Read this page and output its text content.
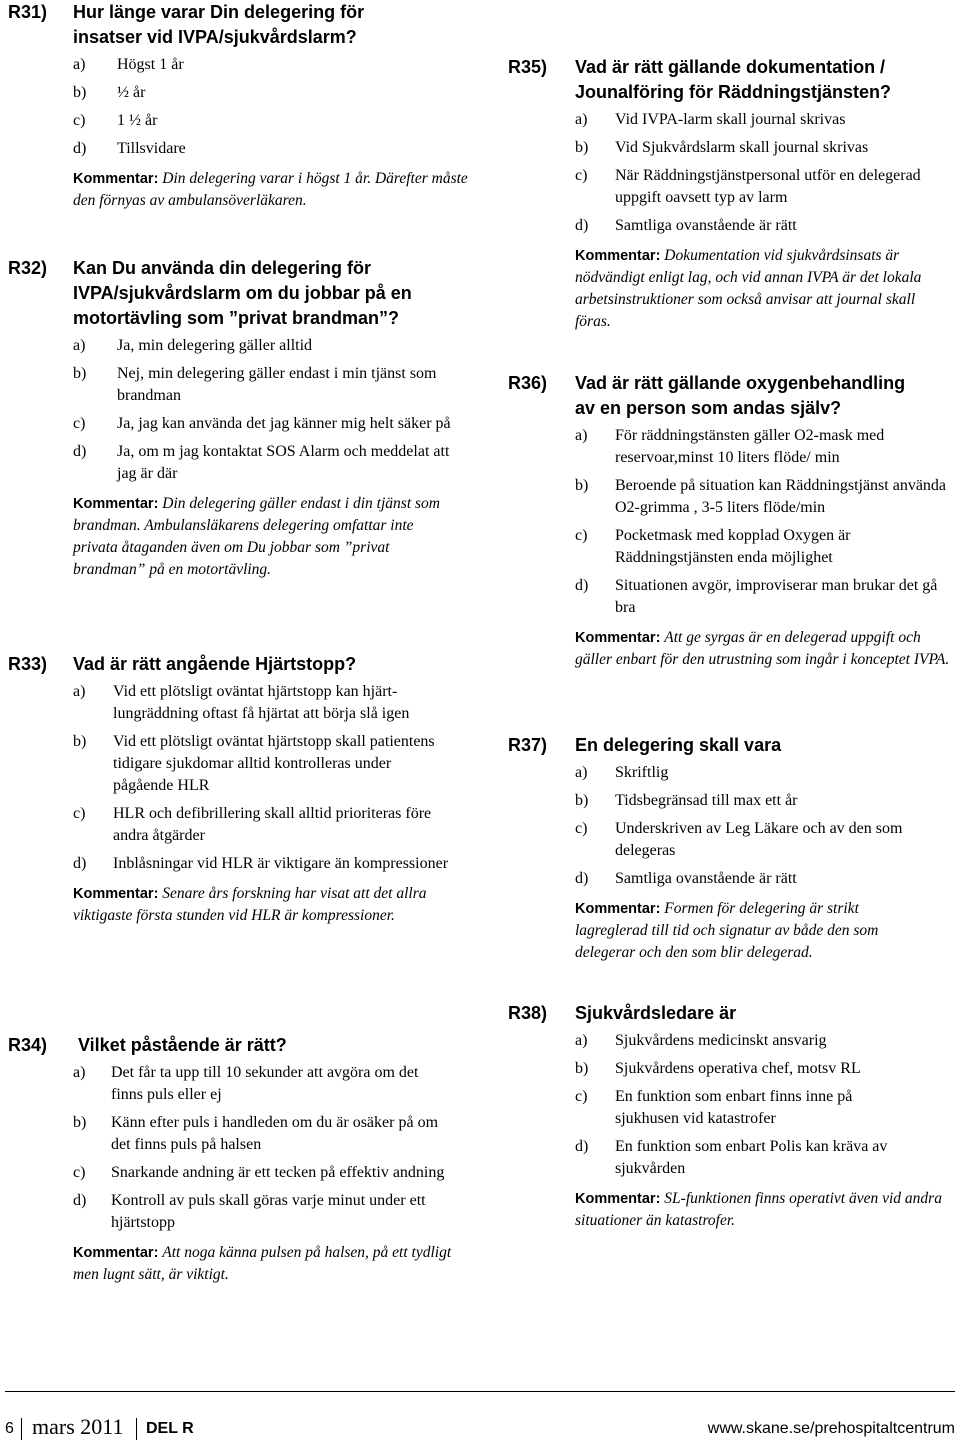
R31) Hur länge varar Din delegering för
insatser vid IVPA/sjukvårdslarm?
a) Högst 1 år
b) ½ år
c) 1 ½ år
d) Tillsvidare
Kommentar: Din delegering varar i högst 1 år. Därefter måste den förnyas av ambulansöverläkaren.
R32) Kan Du använda din delegering för
IVPA/sjukvårdslarm om du jobbar på en
motortävling som ”privat brandman”?
a) Ja, min delegering gäller alltid
b) Nej, min delegering gäller endast i min tjänst som brandman
c) Ja, jag kan använda det jag känner mig helt säker på
d) Ja, om m jag kontaktat SOS Alarm och meddelat att jag är där
Kommentar: Din delegering gäller endast i din tjänst som brandman. Ambulansläkarens delegering omfattar inte privata åtaganden även om Du jobbar som ”privat brandman” på en motortävling.
R33) Vad är rätt angående Hjärtstopp?
a) Vid ett plötsligt oväntat hjärtstopp kan hjärt-lungräddning oftast få hjärtat att börja slå igen
b) Vid ett plötsligt oväntat hjärtstopp skall patientens tidigare sjukdomar alltid kontrolleras under pågående HLR
c) HLR och defibrillering skall alltid prioriteras före andra åtgärder
d) Inblåsningar vid HLR är viktigare än kompressioner
Kommentar: Senare års forskning har visat att det allra viktigaste första stunden vid HLR är kompressioner.
R34) Vilket påstående är rätt?
a) Det får ta upp till 10 sekunder att avgöra om det finns puls eller ej
b) Känn efter puls i handleden om du är osäker på om det finns puls på halsen
c) Snarkande andning är ett tecken på effektiv andning
d) Kontroll av puls skall göras varje minut under ett hjärtstopp
Kommentar: Att noga känna pulsen på halsen, på ett tydligt men lugnt sätt, är viktigt.
R35) Vad är rätt gällande dokumentation /
Jounalföring för Räddningstjänsten?
a) Vid IVPA-larm skall journal skrivas
b) Vid Sjukvårdslarm skall journal skrivas
c) När Räddningstjänstpersonal utför en delegerad uppgift oavsett typ av larm
d) Samtliga ovanstående är rätt
Kommentar: Dokumentation vid sjukvårdsinsats är nödvändigt enligt lag, och vid annan IVPA är det lokala arbetsinstruktioner som också anvisar att journal skall föras.
R36) Vad är rätt gällande oxygenbehandling
av en person som andas själv?
a) För räddningstänsten gäller O2-mask med reservoar,minst 10 liters flöde/ min
b) Beroende på situation kan Räddningstjänst använda O2-grimma , 3-5 liters flöde/min
c) Pocketmask med kopplad Oxygen är Räddningstjänsten enda möjlighet
d) Situationen avgör, improviserar man brukar det gå bra
Kommentar: Att ge syrgas är en delegerad uppgift och gäller enbart för den utrustning som ingår i konceptet IVPA.
R37) En delegering skall vara
a) Skriftlig
b) Tidsbegränsad till max ett år
c) Underskriven av Leg Läkare och av den som delegeras
d) Samtliga ovanstående är rätt
Kommentar: Formen för delegering är strikt lagreglerad till tid och signatur av både den som delegerar och den som blir delegerad.
R38) Sjukvårdsledare är
a) Sjukvårdens medicinskt ansvarig
b) Sjukvårdens operativa chef, motsv RL
c) En funktion som enbart finns inne på sjukhusen vid katastrofer
d) En funktion som enbart Polis kan kräva av sjukvården
Kommentar: SL-funktionen finns operativt även vid andra situationer än katastrofer.
6 mars 2011 DEL R	www.skane.se/prehospitaltcentrum
